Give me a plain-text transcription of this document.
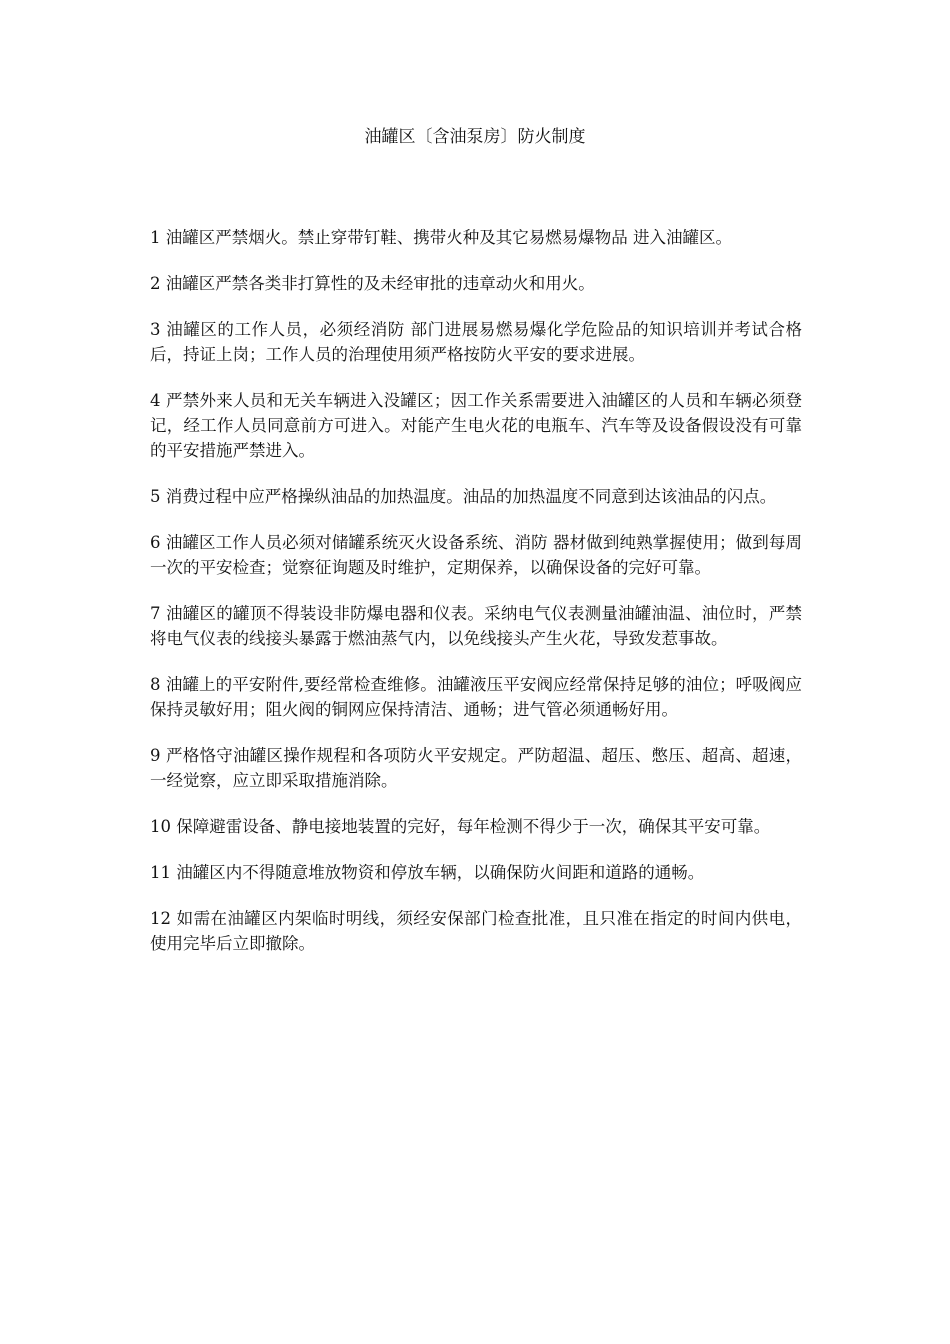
油罐区〔含油泵房〕防火制度

1 油罐区严禁烟火。禁止穿带钉鞋、携带火种及其它易燃易爆物品 进入油罐区。

2 油罐区严禁各类非打算性的及未经审批的违章动火和用火。

3 油罐区的工作人员，必须经消防 部门进展易燃易爆化学危险品的知识培训并考试合格后，持证上岗；工作人员的治理使用须严格按防火平安的要求进展。

4 严禁外来人员和无关车辆进入没罐区；因工作关系需要进入油罐区的人员和车辆必须登记，经工作人员同意前方可进入。对能产生电火花的电瓶车、汽车等及设备假设没有可靠的平安措施严禁进入。

5 消费过程中应严格操纵油品的加热温度。油品的加热温度不同意到达该油品的闪点。

6 油罐区工作人员必须对储罐系统灭火设备系统、消防 器材做到纯熟掌握使用；做到每周一次的平安检查；觉察征询题及时维护，定期保养，以确保设备的完好可靠。

7 油罐区的罐顶不得装设非防爆电器和仪表。采纳电气仪表测量油罐油温、油位时，严禁将电气仪表的线接头暴露于燃油蒸气内，以免线接头产生火花，导致发惹事故。

8 油罐上的平安附件,要经常检查维修。油罐液压平安阀应经常保持足够的油位；呼吸阀应保持灵敏好用；阻火阀的铜网应保持清洁、通畅；进气管必须通畅好用。

9 严格恪守油罐区操作规程和各项防火平安规定。严防超温、超压、憋压、超高、超速，一经觉察，应立即采取措施消除。

10 保障避雷设备、静电接地装置的完好，每年检测不得少于一次，确保其平安可靠。

11 油罐区内不得随意堆放物资和停放车辆，以确保防火间距和道路的通畅。

12 如需在油罐区内架临时明线，须经安保部门检查批准，且只准在指定的时间内供电，使用完毕后立即撤除。
